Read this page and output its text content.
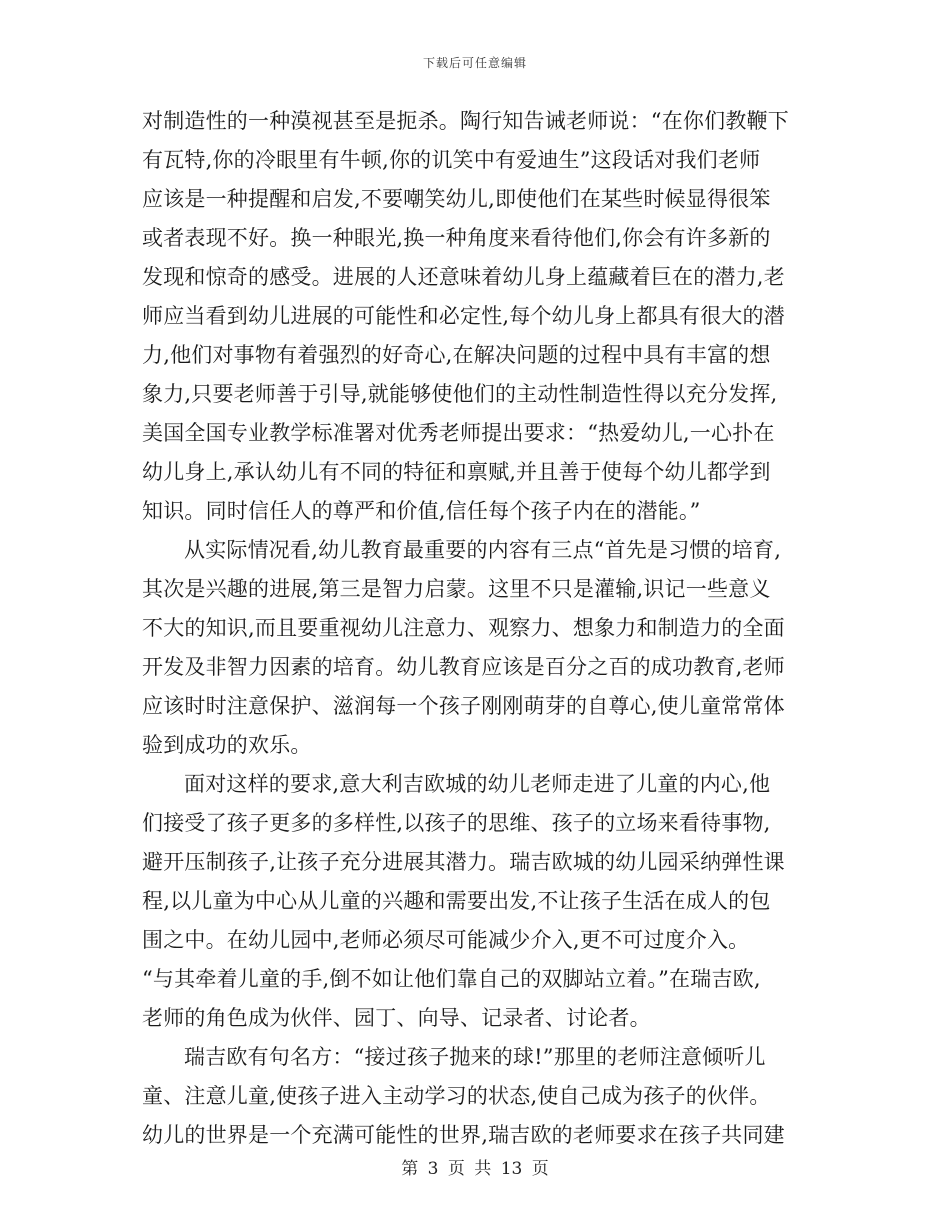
下载后可任意编辑
对制造性的一种漠视甚至是扼杀。陶行知告诫老师说：“在你们教鞭下
有瓦特,你的冷眼里有牛顿,你的讥笑中有爱迪生”这段话对我们老师
应该是一种提醒和启发,不要嘲笑幼儿,即使他们在某些时候显得很笨
或者表现不好。换一种眼光,换一种角度来看待他们,你会有许多新的
发现和惊奇的感受。进展的人还意味着幼儿身上蕴藏着巨在的潜力,老
师应当看到幼儿进展的可能性和必定性,每个幼儿身上都具有很大的潜
力,他们对事物有着强烈的好奇心,在解决问题的过程中具有丰富的想
象力,只要老师善于引导,就能够使他们的主动性制造性得以充分发挥,
美国全国专业教学标准署对优秀老师提出要求：“热爱幼儿,一心扑在
幼儿身上,承认幼儿有不同的特征和禀赋,并且善于使每个幼儿都学到
知识。同时信任人的尊严和价值,信任每个孩子内在的潜能。”
从实际情况看,幼儿教育最重要的内容有三点“首先是习惯的培育,
其次是兴趣的进展,第三是智力启蒙。这里不只是灌输,识记一些意义
不大的知识,而且要重视幼儿注意力、观察力、想象力和制造力的全面
开发及非智力因素的培育。幼儿教育应该是百分之百的成功教育,老师
应该时时注意保护、滋润每一个孩子刚刚萌芽的自尊心,使儿童常常体
验到成功的欢乐。
面对这样的要求,意大利吉欧城的幼儿老师走进了儿童的内心,他
们接受了孩子更多的多样性,以孩子的思维、孩子的立场来看待事物,
避开压制孩子,让孩子充分进展其潜力。瑞吉欧城的幼儿园采纳弹性课
程,以儿童为中心从儿童的兴趣和需要出发,不让孩子生活在成人的包
围之中。在幼儿园中,老师必须尽可能减少介入,更不可过度介入。
“与其牵着儿童的手,倒不如让他们靠自己的双脚站立着。”在瑞吉欧,
老师的角色成为伙伴、园丁、向导、记录者、讨论者。
瑞吉欧有句名方：“接过孩子抛来的球!”那里的老师注意倾听儿
童、注意儿童,使孩子进入主动学习的状态,使自己成为孩子的伙伴。
幼儿的世界是一个充满可能性的世界,瑞吉欧的老师要求在孩子共同建
第 3 页 共 13 页
